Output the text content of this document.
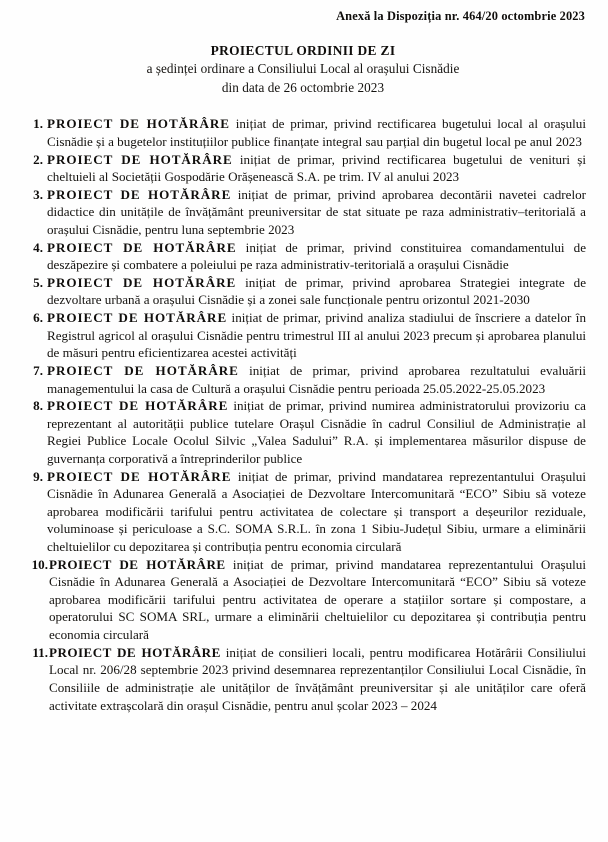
Anexă la Dispoziția nr. 464/20 octombrie 2023
PROIECTUL ORDINII DE ZI
a ședinței ordinare a Consiliului Local al orașului Cisnădie
din data de 26 octombrie 2023
1. PROIECT DE HOTĂRÂRE inițiat de primar, privind rectificarea bugetului local al orașului Cisnădie și a bugetelor instituțiilor publice finanțate integral sau parțial din bugetul local pe anul 2023
2. PROIECT DE HOTĂRÂRE inițiat de primar, privind rectificarea bugetului de venituri și cheltuieli al Societății Gospodărie Orășenească S.A. pe trim. IV al anului 2023
3. PROIECT DE HOTĂRÂRE inițiat de primar, privind aprobarea decontării navetei cadrelor didactice din unitățile de învățământ preuniversitar de stat situate pe raza administrativ–teritorială a orașului Cisnădie, pentru luna septembrie 2023
4. PROIECT DE HOTĂRÂRE inițiat de primar, privind constituirea comandamentului de deszăpezire și combatere a poleiului pe raza administrativ-teritorială a orașului Cisnădie
5. PROIECT DE HOTĂRÂRE inițiat de primar, privind aprobarea Strategiei integrate de dezvoltare urbană a orașului Cisnădie și a zonei sale funcționale pentru orizontul 2021-2030
6. PROIECT DE HOTĂRÂRE inițiat de primar, privind analiza stadiului de înscriere a datelor în Registrul agricol al orașului Cisnădie pentru trimestrul III al anului 2023 precum și aprobarea planului de măsuri pentru eficientizarea acestei activități
7. PROIECT DE HOTĂRÂRE inițiat de primar, privind aprobarea rezultatului evaluării managementului la casa de Cultură a orașului Cisnădie pentru perioada 25.05.2022-25.05.2023
8. PROIECT DE HOTĂRÂRE inițiat de primar, privind numirea administratorului provizoriu ca reprezentant al autorității publice tutelare Orașul Cisnădie în cadrul Consiliul de Administrație al Regiei Publice Locale Ocolul Silvic „Valea Sadului” R.A. și implementarea măsurilor dispuse de guvernanța corporativă a întreprinderilor publice
9. PROIECT DE HOTĂRÂRE inițiat de primar, privind mandatarea reprezentantului Orașului Cisnădie în Adunarea Generală a Asociației de Dezvoltare Intercomunitară “ECO” Sibiu să voteze aprobarea modificării tarifului pentru activitatea de colectare și transport a deșeurilor reziduale, voluminoase și periculoase a S.C. SOMA S.R.L. în zona 1 Sibiu-Județul Sibiu, urmare a eliminării cheltuielilor cu depozitarea și contribuția pentru economia circulară
10. PROIECT DE HOTĂRÂRE inițiat de primar, privind mandatarea reprezentantului Orașului Cisnădie în Adunarea Generală a Asociației de Dezvoltare Intercomunitară “ECO” Sibiu să voteze aprobarea modificării tarifului pentru activitatea de operare a stațiilor sortare și compostare, a operatorului SC SOMA SRL, urmare a eliminării cheltuielilor cu depozitarea și contribuția pentru economia circulară
11. PROIECT DE HOTĂRÂRE inițiat de consilieri locali, pentru modificarea Hotărârii Consiliului Local nr. 206/28 septembrie 2023 privind desemnarea reprezentanților Consiliului Local Cisnădie, în Consiliile de administrație ale unităților de învățământ preuniversitar și ale unităților care oferă activitate extrașcolară din orașul Cisnădie, pentru anul școlar 2023 – 2024
